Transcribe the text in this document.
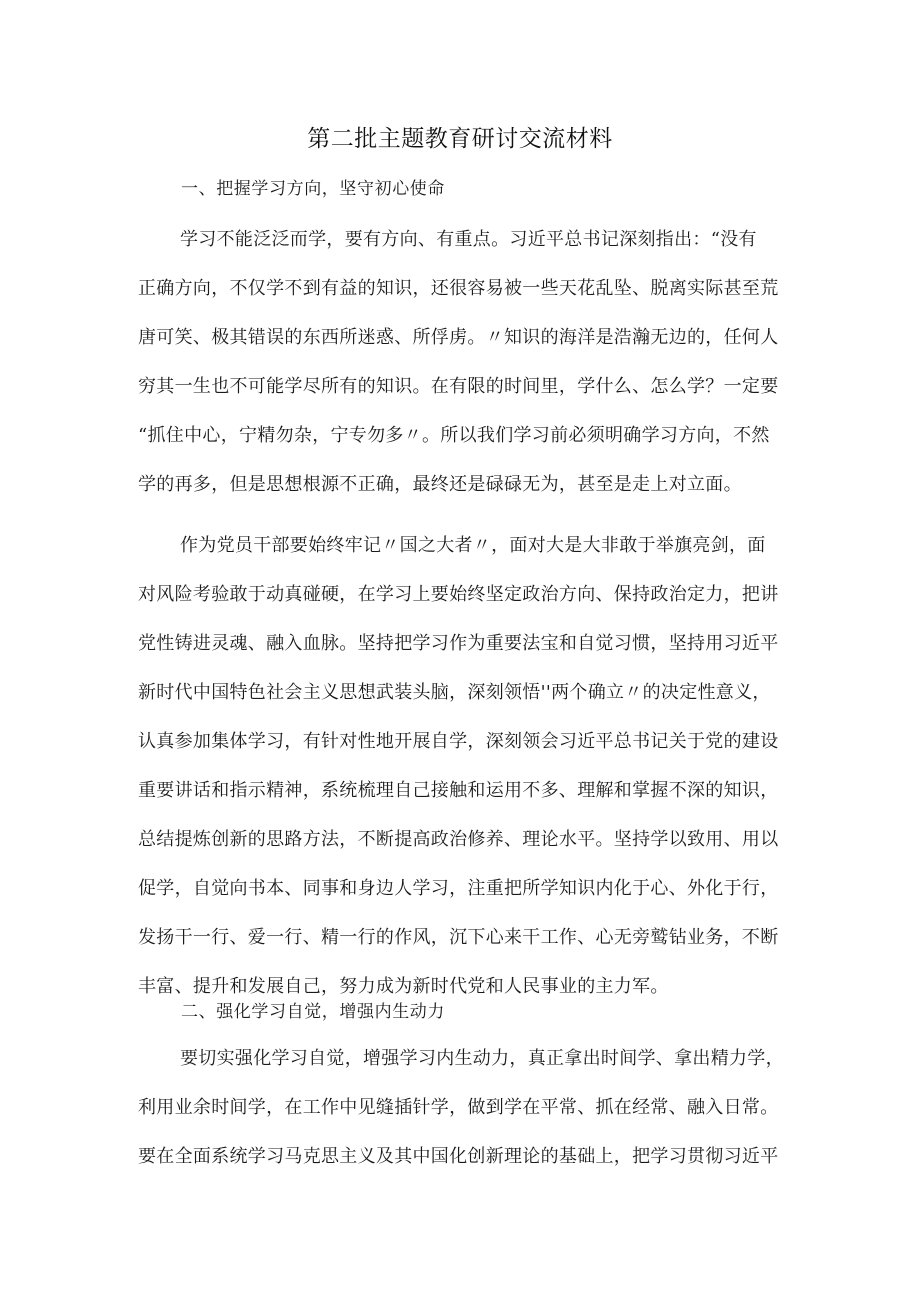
第二批主题教育研讨交流材料
一、把握学习方向，坚守初心使命
学习不能泛泛而学，要有方向、有重点。习近平总书记深刻指出：“没有
正确方向，不仅学不到有益的知识，还很容易被一些天花乱坠、脱离实际甚至荒
唐可笑、极其错误的东西所迷惑、所俘虏。〃知识的海洋是浩瀚无边的，任何人
穷其一生也不可能学尽所有的知识。在有限的时间里，学什么、怎么学？一定要
“抓住中心，宁精勿杂，宁专勿多〃。所以我们学习前必须明确学习方向，不然
学的再多，但是思想根源不正确，最终还是碌碌无为，甚至是走上对立面。
作为党员干部要始终牢记〃国之大者〃，面对大是大非敢于举旗亮剑，面
对风险考验敢于动真碰硬，在学习上要始终坚定政治方向、保持政治定力，把讲
党性铸进灵魂、融入血脉。坚持把学习作为重要法宝和自觉习惯，坚持用习近平
新时代中国特色社会主义思想武装头脑，深刻领悟''两个确立〃的决定性意义，
认真参加集体学习，有针对性地开展自学，深刻领会习近平总书记关于党的建设
重要讲话和指示精神，系统梳理自己接触和运用不多、理解和掌握不深的知识，
总结提炼创新的思路方法，不断提高政治修养、理论水平。坚持学以致用、用以
促学，自觉向书本、同事和身边人学习，注重把所学知识内化于心、外化于行，
发扬干一行、爱一行、精一行的作风，沉下心来干工作、心无旁鹫钻业务，不断
丰富、提升和发展自己，努力成为新时代党和人民事业的主力军。
二、强化学习自觉，增强内生动力
要切实强化学习自觉，增强学习内生动力，真正拿出时间学、拿出精力学，
利用业余时间学，在工作中见缝插针学，做到学在平常、抓在经常、融入日常。
要在全面系统学习马克思主义及其中国化创新理论的基础上，把学习贯彻习近平
